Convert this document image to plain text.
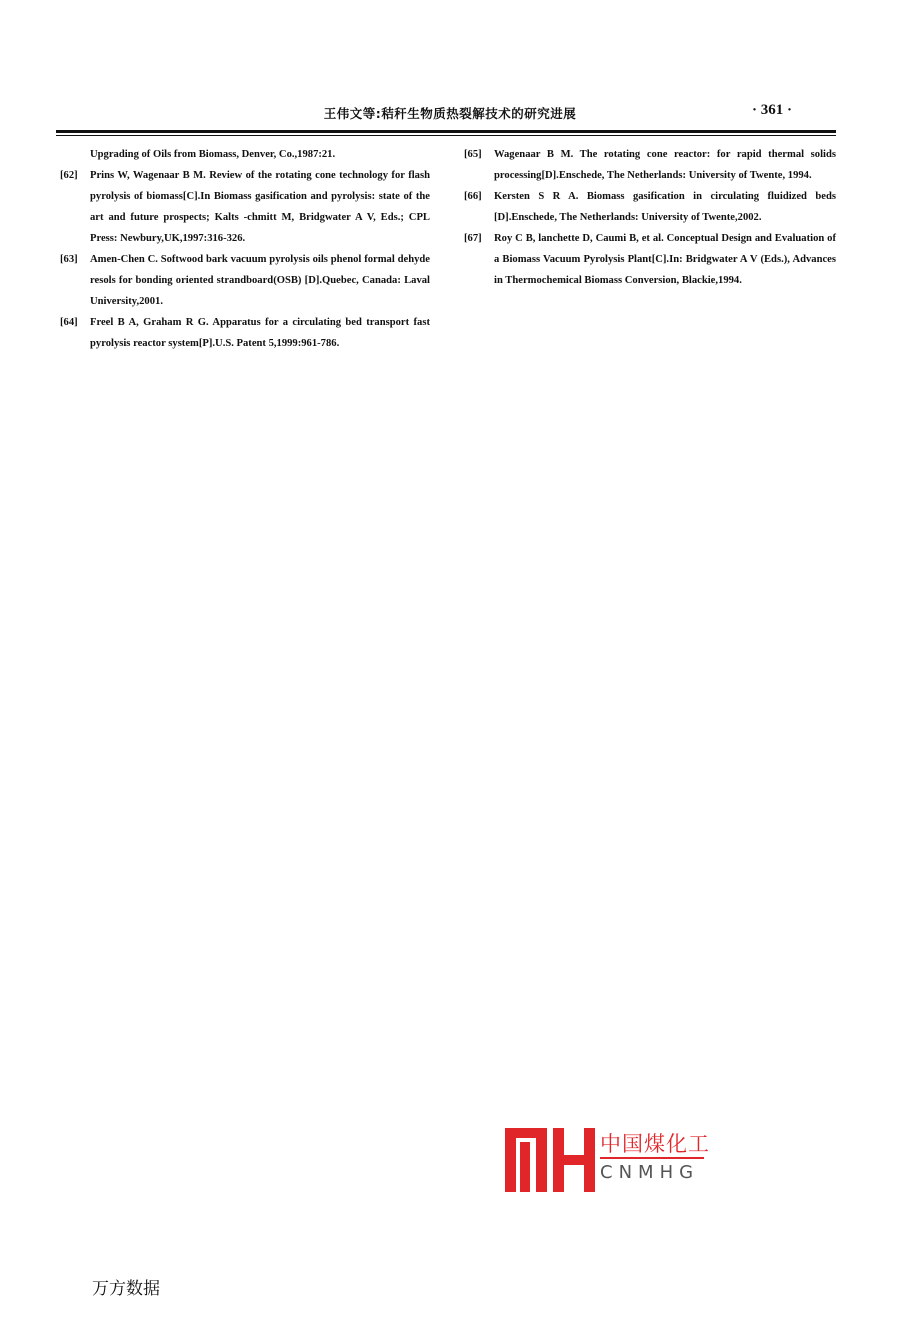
王伟文等:秸秆生物质热裂解技术的研究进展	· 361 ·
Upgrading of Oils from Biomass, Denver, Co.,1987:21.
[62] Prins W, Wagenaar B M. Review of the rotating cone technology for flash pyrolysis of biomass[C].In Biomass gasification and pyrolysis: state of the art and future prospects; Kalts -chmitt M, Bridgwater A V, Eds.; CPL Press: Newbury,UK,1997:316-326.
[63] Amen-Chen C. Softwood bark vacuum pyrolysis oils phenol formal dehyde resols for bonding oriented strandboard(OSB) [D].Quebec, Canada: Laval University,2001.
[64] Freel B A, Graham R G. Apparatus for a circulating bed transport fast pyrolysis reactor system[P].U.S. Patent 5,1999:961-786.
[65] Wagenaar B M. The rotating cone reactor: for rapid thermal solids processing[D].Enschede, The Netherlands: University of Twente, 1994.
[66] Kersten S R A. Biomass gasification in circulating fluidized beds [D].Enschede, The Netherlands: University of Twente,2002.
[67] Roy C B, lanchette D, Caumi B, et al. Conceptual Design and Evaluation of a Biomass Vacuum Pyrolysis Plant[C].In: Bridgwater A V (Eds.), Advances in Thermochemical Biomass Conversion, Blackie,1994.
中国煤化工
CNMHG
万方数据
